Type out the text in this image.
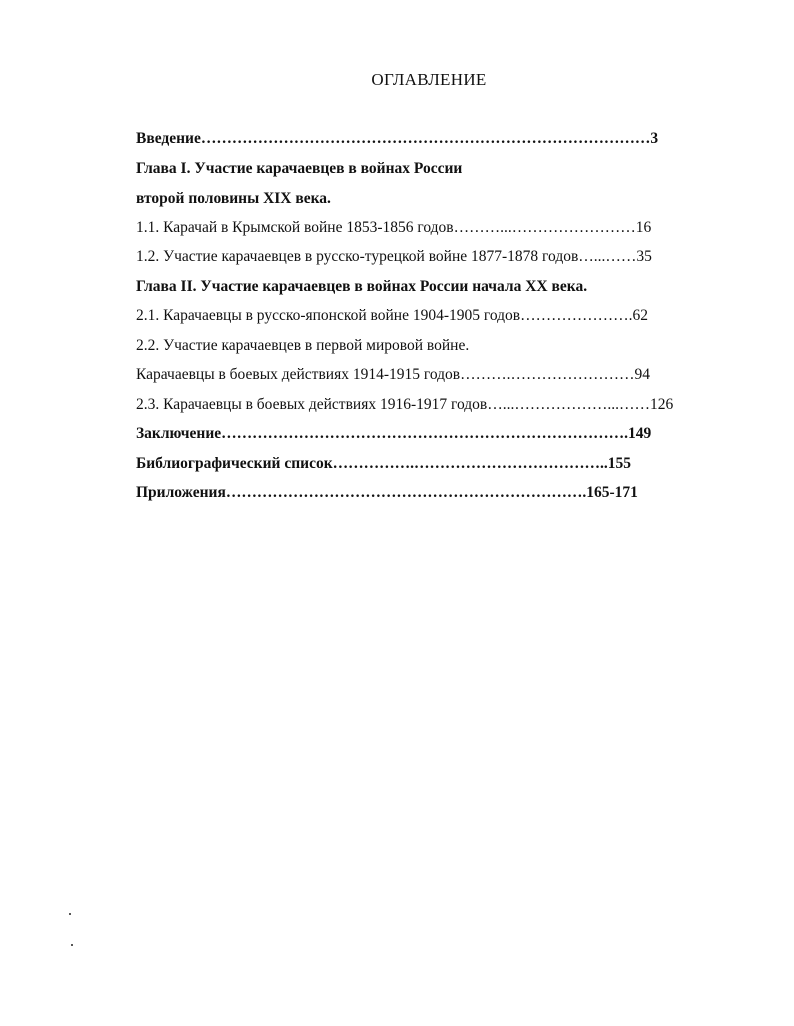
ОГЛАВЛЕНИЕ
Введение……………………………………………………………………………3
Глава I. Участие карачаевцев в войнах России
второй половины XIX века.
1.1. Карачай в Крымской войне 1853-1856 годов………...……………………16
1.2. Участие карачаевцев в русско-турецкой войне 1877-1878 годов…...……35
Глава II. Участие карачаевцев в войнах России начала XX века.
2.1. Карачаевцы в русско-японской войне 1904-1905 годов………………….62
2.2. Участие карачаевцев в первой мировой войне.
Карачаевцы в боевых действиях 1914-1915 годов……….……………………94
2.3. Карачаевцы в боевых действиях 1916-1917 годов…...………………...……126
Заключение…………………………………………………………………….149
Библиографический список…………….………………………………..155
Приложения…………………………………………………………….165-171
